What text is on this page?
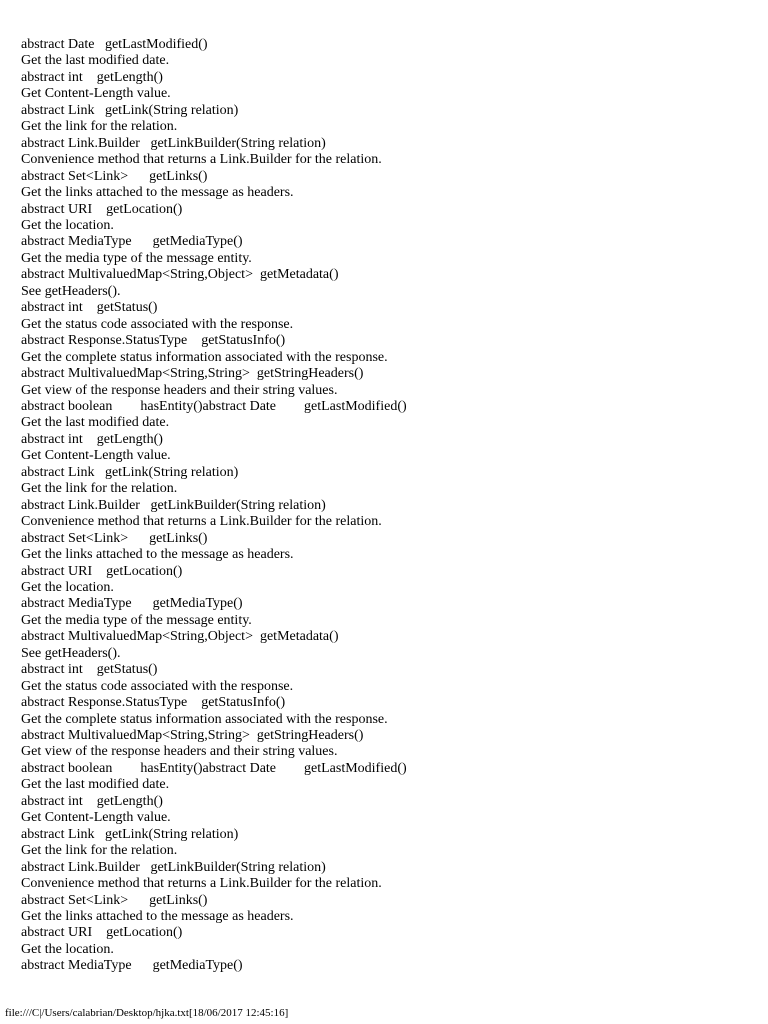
abstract Date   getLastModified()
Get the last modified date.
abstract int    getLength()
Get Content-Length value.
abstract Link   getLink(String relation)
Get the link for the relation.
abstract Link.Builder   getLinkBuilder(String relation)
Convenience method that returns a Link.Builder for the relation.
abstract Set<Link>      getLinks()
Get the links attached to the message as headers.
abstract URI    getLocation()
Get the location.
abstract MediaType      getMediaType()
Get the media type of the message entity.
abstract MultivaluedMap<String,Object>  getMetadata()
See getHeaders().
abstract int    getStatus()
Get the status code associated with the response.
abstract Response.StatusType    getStatusInfo()
Get the complete status information associated with the response.
abstract MultivaluedMap<String,String>  getStringHeaders()
Get view of the response headers and their string values.
abstract boolean        hasEntity()abstract Date        getLastModified()
Get the last modified date.
abstract int    getLength()
Get Content-Length value.
abstract Link   getLink(String relation)
Get the link for the relation.
abstract Link.Builder   getLinkBuilder(String relation)
Convenience method that returns a Link.Builder for the relation.
abstract Set<Link>      getLinks()
Get the links attached to the message as headers.
abstract URI    getLocation()
Get the location.
abstract MediaType      getMediaType()
Get the media type of the message entity.
abstract MultivaluedMap<String,Object>  getMetadata()
See getHeaders().
abstract int    getStatus()
Get the status code associated with the response.
abstract Response.StatusType    getStatusInfo()
Get the complete status information associated with the response.
abstract MultivaluedMap<String,String>  getStringHeaders()
Get view of the response headers and their string values.
abstract boolean        hasEntity()abstract Date        getLastModified()
Get the last modified date.
abstract int    getLength()
Get Content-Length value.
abstract Link   getLink(String relation)
Get the link for the relation.
abstract Link.Builder   getLinkBuilder(String relation)
Convenience method that returns a Link.Builder for the relation.
abstract Set<Link>      getLinks()
Get the links attached to the message as headers.
abstract URI    getLocation()
Get the location.
abstract MediaType      getMediaType()
file:///C|/Users/calabrian/Desktop/hjka.txt[18/06/2017 12:45:16]
